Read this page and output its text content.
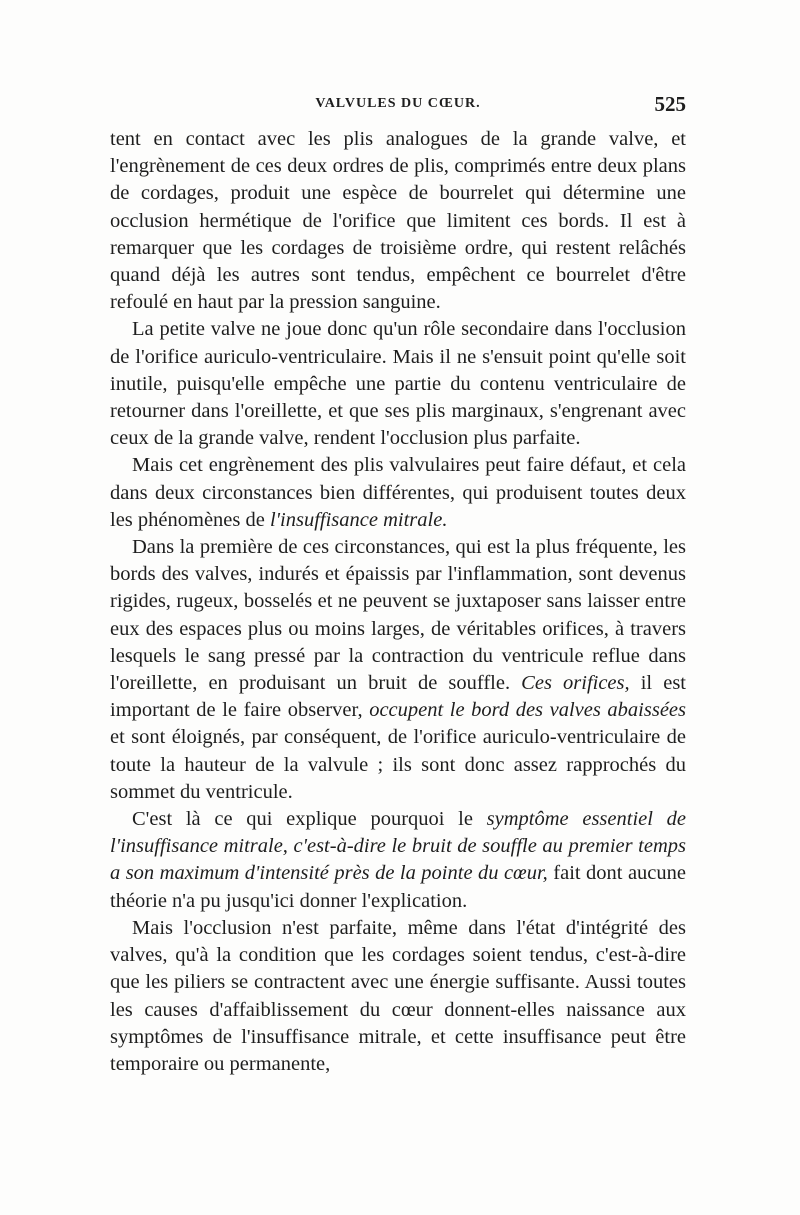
VALVULES DU CŒUR.	525

tent en contact avec les plis analogues de la grande valve, et l'engrènement de ces deux ordres de plis, comprimés entre deux plans de cordages, produit une espèce de bourrelet qui détermine une occlusion hermétique de l'orifice que limitent ces bords. Il est à remarquer que les cordages de troisième ordre, qui restent relâchés quand déjà les autres sont tendus, empêchent ce bourrelet d'être refoulé en haut par la pression sanguine.

La petite valve ne joue donc qu'un rôle secondaire dans l'occlusion de l'orifice auriculo-ventriculaire. Mais il ne s'ensuit point qu'elle soit inutile, puisqu'elle empêche une partie du contenu ventriculaire de retourner dans l'oreillette, et que ses plis marginaux, s'engrenant avec ceux de la grande valve, rendent l'occlusion plus parfaite.

Mais cet engrènement des plis valvulaires peut faire défaut, et cela dans deux circonstances bien différentes, qui produisent toutes deux les phénomènes de l'insuffisance mitrale.

Dans la première de ces circonstances, qui est la plus fréquente, les bords des valves, indurés et épaissis par l'inflammation, sont devenus rigides, rugeux, bosselés et ne peuvent se juxtaposer sans laisser entre eux des espaces plus ou moins larges, de véritables orifices, à travers lesquels le sang pressé par la contraction du ventricule reflue dans l'oreillette, en produisant un bruit de souffle. Ces orifices, il est important de le faire observer, occupent le bord des valves abaissées et sont éloignés, par conséquent, de l'orifice auriculo-ventriculaire de toute la hauteur de la valvule ; ils sont donc assez rapprochés du sommet du ventricule.

C'est là ce qui explique pourquoi le symptôme essentiel de l'insuffisance mitrale, c'est-à-dire le bruit de souffle au premier temps a son maximum d'intensité près de la pointe du cœur, fait dont aucune théorie n'a pu jusqu'ici donner l'explication.

Mais l'occlusion n'est parfaite, même dans l'état d'intégrité des valves, qu'à la condition que les cordages soient tendus, c'est-à-dire que les piliers se contractent avec une énergie suffisante. Aussi toutes les causes d'affaiblissement du cœur donnent-elles naissance aux symptômes de l'insuffisance mitrale, et cette insuffisance peut être temporaire ou permanente,
